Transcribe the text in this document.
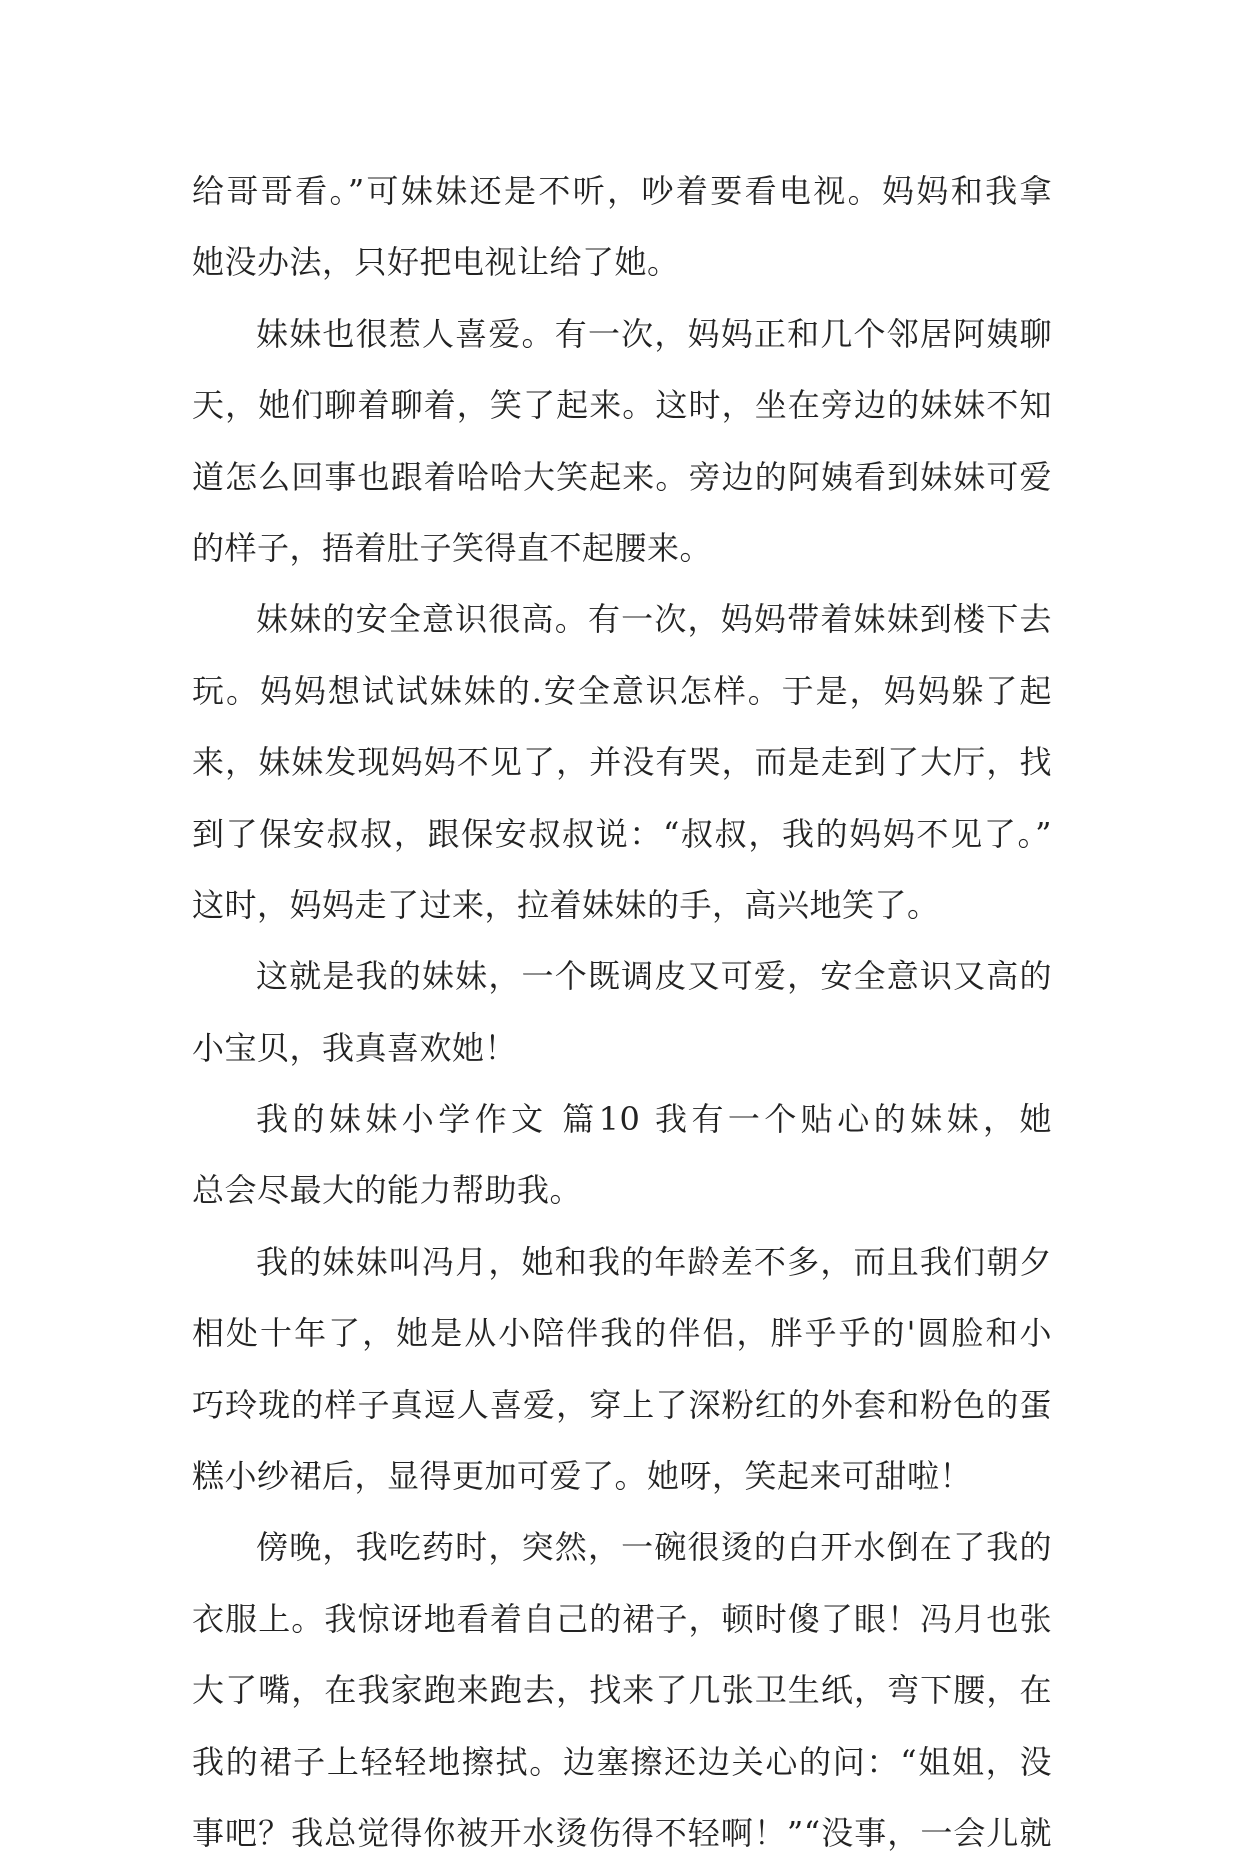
给哥哥看。”可妹妹还是不听，吵着要看电视。妈妈和我拿
她没办法，只好把电视让给了她。
妹妹也很惹人喜爱。有一次，妈妈正和几个邻居阿姨聊
天，她们聊着聊着，笑了起来。这时，坐在旁边的妹妹不知
道怎么回事也跟着哈哈大笑起来。旁边的阿姨看到妹妹可爱
的样子，捂着肚子笑得直不起腰来。
妹妹的安全意识很高。有一次，妈妈带着妹妹到楼下去
玩。妈妈想试试妹妹的.安全意识怎样。于是，妈妈躲了起
来，妹妹发现妈妈不见了，并没有哭，而是走到了大厅，找
到了保安叔叔，跟保安叔叔说：“叔叔，我的妈妈不见了。”
这时，妈妈走了过来，拉着妹妹的手，高兴地笑了。
这就是我的妹妹，一个既调皮又可爱，安全意识又高的
小宝贝，我真喜欢她！
我的妹妹小学作文 篇10 我有一个贴心的妹妹，她
总会尽最大的能力帮助我。
我的妹妹叫冯月，她和我的年龄差不多，而且我们朝夕
相处十年了，她是从小陪伴我的伴侣，胖乎乎的'圆脸和小
巧玲珑的样子真逗人喜爱，穿上了深粉红的外套和粉色的蛋
糕小纱裙后，显得更加可爱了。她呀，笑起来可甜啦！
傍晚，我吃药时，突然，一碗很烫的白开水倒在了我的
衣服上。我惊讶地看着自己的裙子，顿时傻了眼！冯月也张
大了嘴，在我家跑来跑去，找来了几张卫生纸，弯下腰，在
我的裙子上轻轻地擦拭。边塞擦还边关心的问：“姐姐，没
事吧？我总觉得你被开水烫伤得不轻啊！”“没事，一会儿就
